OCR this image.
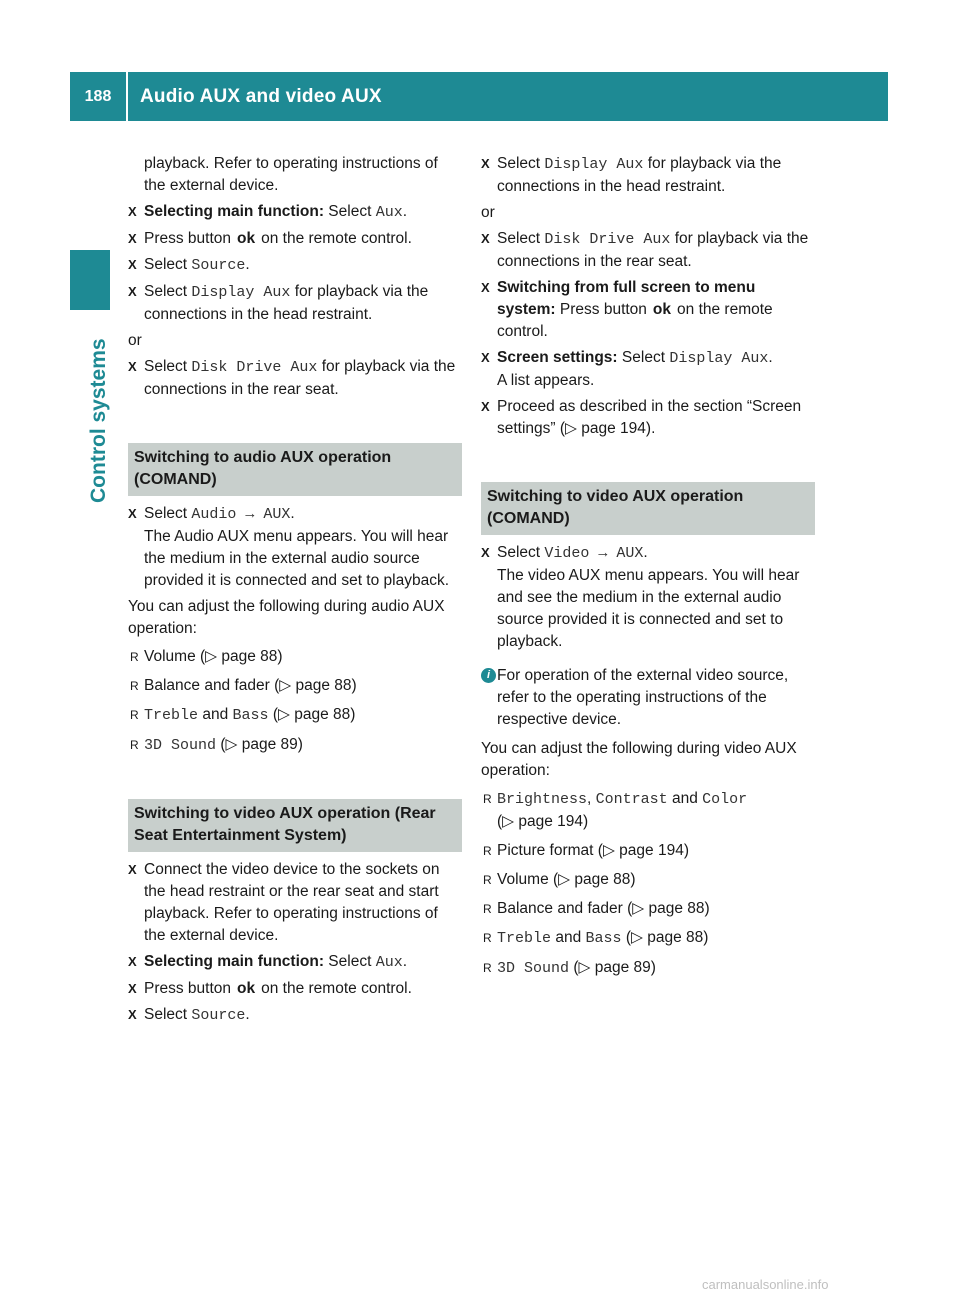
188	Audio AUX and video AUX
Control systems
playback. Refer to operating instructions of the external device.
X Selecting main function: Select Aux.
X Press button ok on the remote control.
X Select Source.
X Select Display Aux for playback via the connections in the head restraint.
or
X Select Disk Drive Aux for playback via the connections in the rear seat.
Switching to audio AUX operation (COMAND)
X Select Audio → AUX.
The Audio AUX menu appears. You will hear the medium in the external audio source provided it is connected and set to playback.
You can adjust the following during audio AUX operation:
R Volume (▷ page 88)
R Balance and fader (▷ page 88)
R Treble and Bass (▷ page 88)
R 3D Sound (▷ page 89)
Switching to video AUX operation (Rear Seat Entertainment System)
X Connect the video device to the sockets on the head restraint or the rear seat and start playback. Refer to operating instructions of the external device.
X Selecting main function: Select Aux.
X Press button ok on the remote control.
X Select Source.
X Select Display Aux for playback via the connections in the head restraint.
or
X Select Disk Drive Aux for playback via the connections in the rear seat.
X Switching from full screen to menu system: Press button ok on the remote control.
X Screen settings: Select Display Aux.
A list appears.
X Proceed as described in the section “Screen settings” (▷ page 194).
Switching to video AUX operation (COMAND)
X Select Video → AUX.
The video AUX menu appears. You will hear and see the medium in the external audio source provided it is connected and set to playback.
i For operation of the external video source, refer to the operating instructions of the respective device.
You can adjust the following during video AUX operation:
R Brightness, Contrast and Color
(▷ page 194)
R Picture format (▷ page 194)
R Volume (▷ page 88)
R Balance and fader (▷ page 88)
R Treble and Bass (▷ page 88)
R 3D Sound (▷ page 89)
carmanualsonline.info
